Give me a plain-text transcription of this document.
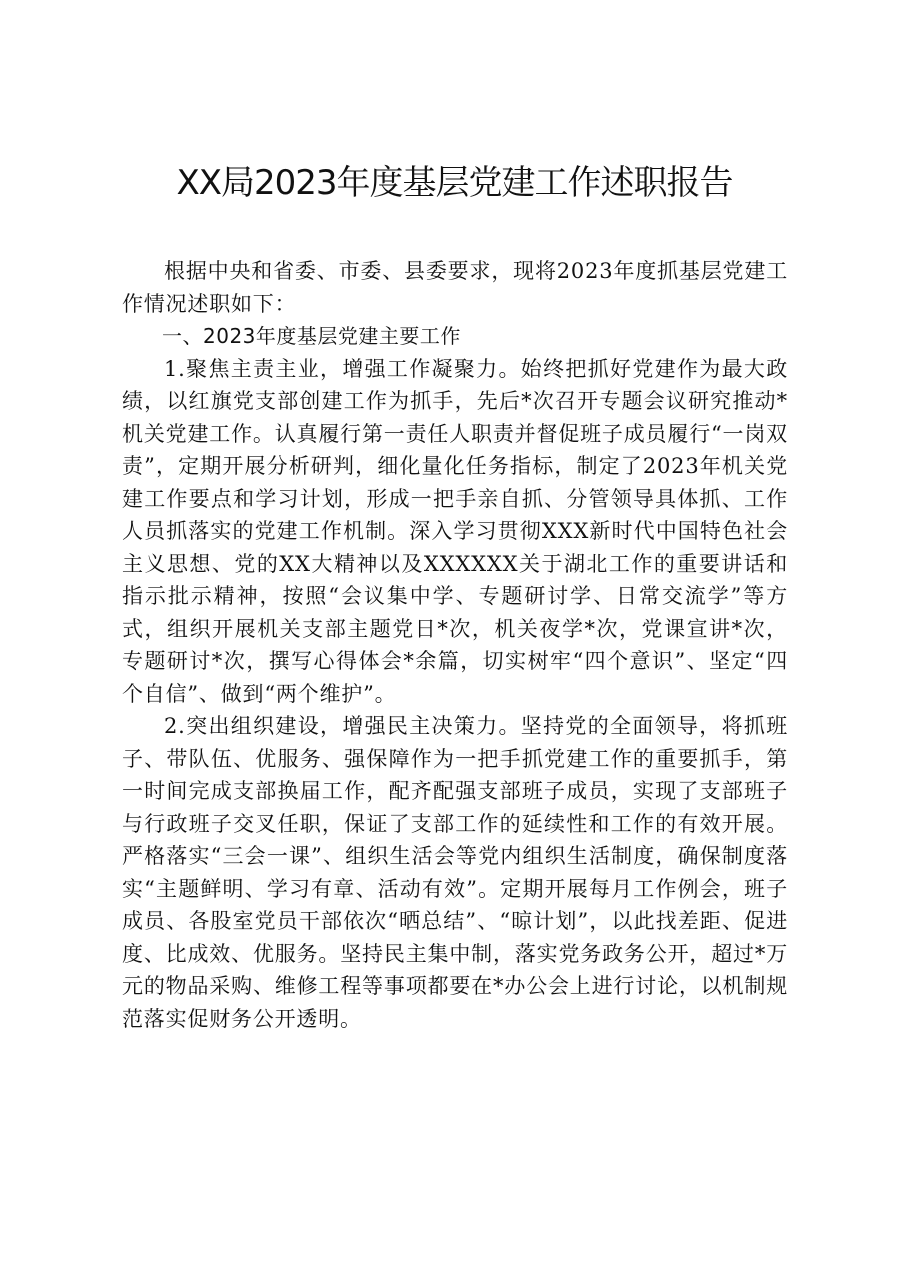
XX局2023年度基层党建工作述职报告

根据中央和省委、市委、县委要求，现将2023年度抓基层党建工作情况述职如下：

一、2023年度基层党建主要工作

1.聚焦主责主业，增强工作凝聚力。始终把抓好党建作为最大政绩，以红旗党支部创建工作为抓手，先后*次召开专题会议研究推动*机关党建工作。认真履行第一责任人职责并督促班子成员履行“一岗双责”，定期开展分析研判，细化量化任务指标，制定了2023年机关党建工作要点和学习计划，形成一把手亲自抓、分管领导具体抓、工作人员抓落实的党建工作机制。深入学习贯彻XXX新时代中国特色社会主义思想、党的XX大精神以及XXXXXX关于湖北工作的重要讲话和指示批示精神，按照“会议集中学、专题研讨学、日常交流学”等方式，组织开展机关支部主题党日*次，机关夜学*次，党课宣讲*次，专题研讨*次，撰写心得体会*余篇，切实树牢“四个意识”、坚定“四个自信”、做到“两个维护”。

2.突出组织建设，增强民主决策力。坚持党的全面领导，将抓班子、带队伍、优服务、强保障作为一把手抓党建工作的重要抓手，第一时间完成支部换届工作，配齐配强支部班子成员，实现了支部班子与行政班子交叉任职，保证了支部工作的延续性和工作的有效开展。严格落实“三会一课”、组织生活会等党内组织生活制度，确保制度落实“主题鲜明、学习有章、活动有效”。定期开展每月工作例会，班子成员、各股室党员干部依次“晒总结”、“晾计划”，以此找差距、促进度、比成效、优服务。坚持民主集中制，落实党务政务公开，超过*万元的物品采购、维修工程等事项都要在*办公会上进行讨论，以机制规范落实促财务公开透明。
